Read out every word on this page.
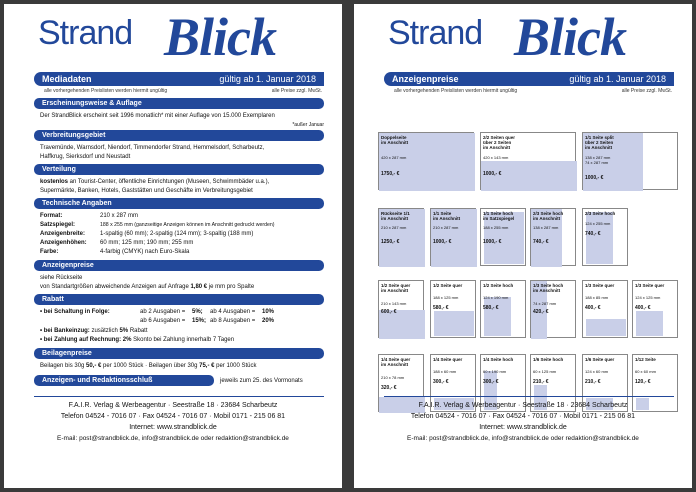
Strand Blick
Mediadaten	gültig ab 1. Januar 2018
alle vorhergehenden Preislisten werden hiermit ungültig	alle Preise zzgl. MwSt.
Erscheinungsweise & Auflage
Der StrandBlick erscheint seit 1996 monatlich* mit einer Auflage von 15.000 Exemplaren
*außer Januar
Verbreitungsgebiet
Travemünde, Warnsdorf, Niendorf, Timmendorfer Strand, Hemmelsdorf, Scharbeutz,
Haffkrug, Sierksdorf und Neustadt
Verteilung
kostenlos an Tourist-Center, öffentliche Einrichtungen (Museen, Schwimmbäder u.a.),
Supermärkte, Banken, Hotels, Gaststätten und Geschäfte im Verbreitungsgebiet
Technische Angaben
Format:	210 x 287 mm
Satzspiegel:	188 x 255 mm (ganzseitige Anzeigen können im Anschnitt gedruckt werden)
Anzeigenbreite: 1-spaltig (60 mm); 2-spaltig (124 mm); 3-spaltig (188 mm)
Anzeigenhöhen: 60 mm; 125 mm; 190 mm; 255 mm
Farbe:	4-farbig (CMYK) nach Euro-Skala
Anzeigenpreise
siehe Rückseite
von Standartgrößen abweichende Anzeigen auf Anfrage 1,80 € je mm pro Spalte
Rabatt
• bei Schaltung in Folge:	ab 2 Ausgaben = 5%; ab 4 Ausgaben = 10%
ab 6 Ausgaben = 15%; ab 8 Ausgaben = 20%
• bei Bankeinzug: zusätzlich 5% Rabatt
• bei Zahlung auf Rechnung: 2% Skonto bei Zahlung innerhalb 7 Tagen
Beilagenpreise
Beilagen bis 30g 50,- € per 1000 Stück · Beilagen über 30g 75,- € per 1000 Stück
Anzeigen- und Redaktionsschluß	jeweils zum 25. des Vormonats
F.A.I.R. Verlag & Werbeagentur · Seestraße 18 · 23684 Scharbeutz
Telefon 04524 - 7016 07 · Fax 04524 - 7016 07 · Mobil 0171 - 215 06 81
Internet: www.strandblick.de
E-mail: post@strandblick.de, info@strandblick.de oder redaktion@strandblick.de
Strand Blick
Anzeigenpreise	gültig ab 1. Januar 2018
alle vorhergehenden Preislisten werden hiermit ungültig	alle Preise zzgl. MwSt.
Doppelseite
im Anschnitt
420 x 287 mm
1750,- €
2/2 Seiten quer
über 2 Seiten
im Anschnitt
420 x 143 mm
1000,- €
1/1 Seite split
über 2 Seiten
im Anschnitt
138 x 287 mm
74 x 287 mm
1000,- €
Rückseite 1/1
im Anschnitt
210 x 287 mm
1250,- €
1/1 Seite
im Anschnitt
210 x 287 mm
1000,- €
1/1 Seite hoch
im Satzspiegel
188 x 255 mm
1000,- €
2/3 Seite hoch
im Anschnitt
138 x 287 mm
740,- €
2/3 Seite hoch
124 x 255 mm
740,- €
1/2 Seite quer
im Anschnitt
210 x 143 mm
600,- €
1/2 Seite quer
188 x 125 mm
580,- €
1/2 Seite hoch
124 x 190 mm
580,- €
1/3 Seite hoch
im Anschnitt
74 x 287 mm
420,- €
1/3 Seite quer
188 x 85 mm
400,- €
1/3 Seite quer
124 x 125 mm
400,- €
1/4 Seite quer
im Anschnitt
210 x 78 mm
320,- €
1/4 Seite quer
188 x 60 mm
300,- €
1/4 Seite hoch
60 x 190 mm
300,- €
1/6 Seite hoch
60 x 125 mm
210,- €
1/6 Seite quer
124 x 60 mm
210,- €
1/12 Seite
60 x 60 mm
120,- €
F.A.I.R. Verlag & Werbeagentur · Seestraße 18 · 23684 Scharbeutz
Telefon 04524 - 7016 07 · Fax 04524 - 7016 07 · Mobil 0171 - 215 06 81
Internet: www.strandblick.de
E-mail: post@strandblick.de, info@strandblick.de oder redaktion@strandblick.de
